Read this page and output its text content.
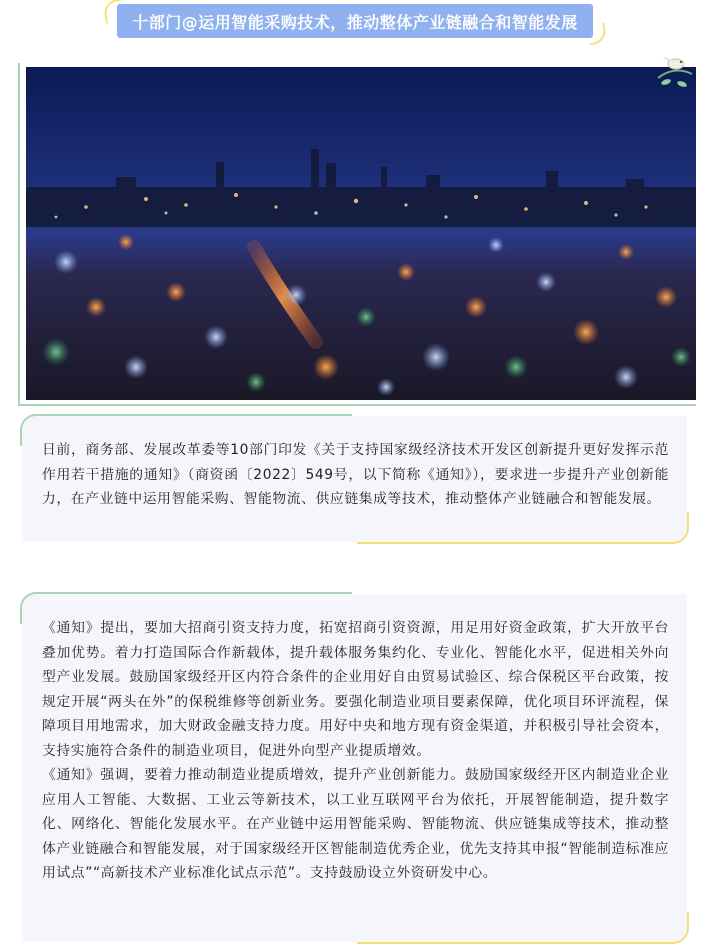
十部门@运用智能采购技术，推动整体产业链融合和智能发展

日前，商务部、发展改革委等10部门印发《关于支持国家级经济技术开发区创新提升更好发挥示范作用若干措施的通知》（商资函〔2022〕549号，以下简称《通知》），要求进一步提升产业创新能力，在产业链中运用智能采购、智能物流、供应链集成等技术，推动整体产业链融合和智能发展。

《通知》提出，要加大招商引资支持力度，拓宽招商引资资源，用足用好资金政策，扩大开放平台叠加优势。着力打造国际合作新载体，提升载体服务集约化、专业化、智能化水平，促进相关外向型产业发展。鼓励国家级经开区内符合条件的企业用好自由贸易试验区、综合保税区平台政策，按规定开展“两头在外”的保税维修等创新业务。要强化制造业项目要素保障，优化项目环评流程，保障项目用地需求，加大财政金融支持力度。用好中央和地方现有资金渠道，并积极引导社会资本，支持实施符合条件的制造业项目，促进外向型产业提质增效。

《通知》强调，要着力推动制造业提质增效，提升产业创新能力。鼓励国家级经开区内制造业企业应用人工智能、大数据、工业云等新技术，以工业互联网平台为依托，开展智能制造，提升数字化、网络化、智能化发展水平。在产业链中运用智能采购、智能物流、供应链集成等技术，推动整体产业链融合和智能发展，对于国家级经开区智能制造优秀企业，优先支持其申报“智能制造标准应用试点”“高新技术产业标准化试点示范”。支持鼓励设立外资研发中心。
